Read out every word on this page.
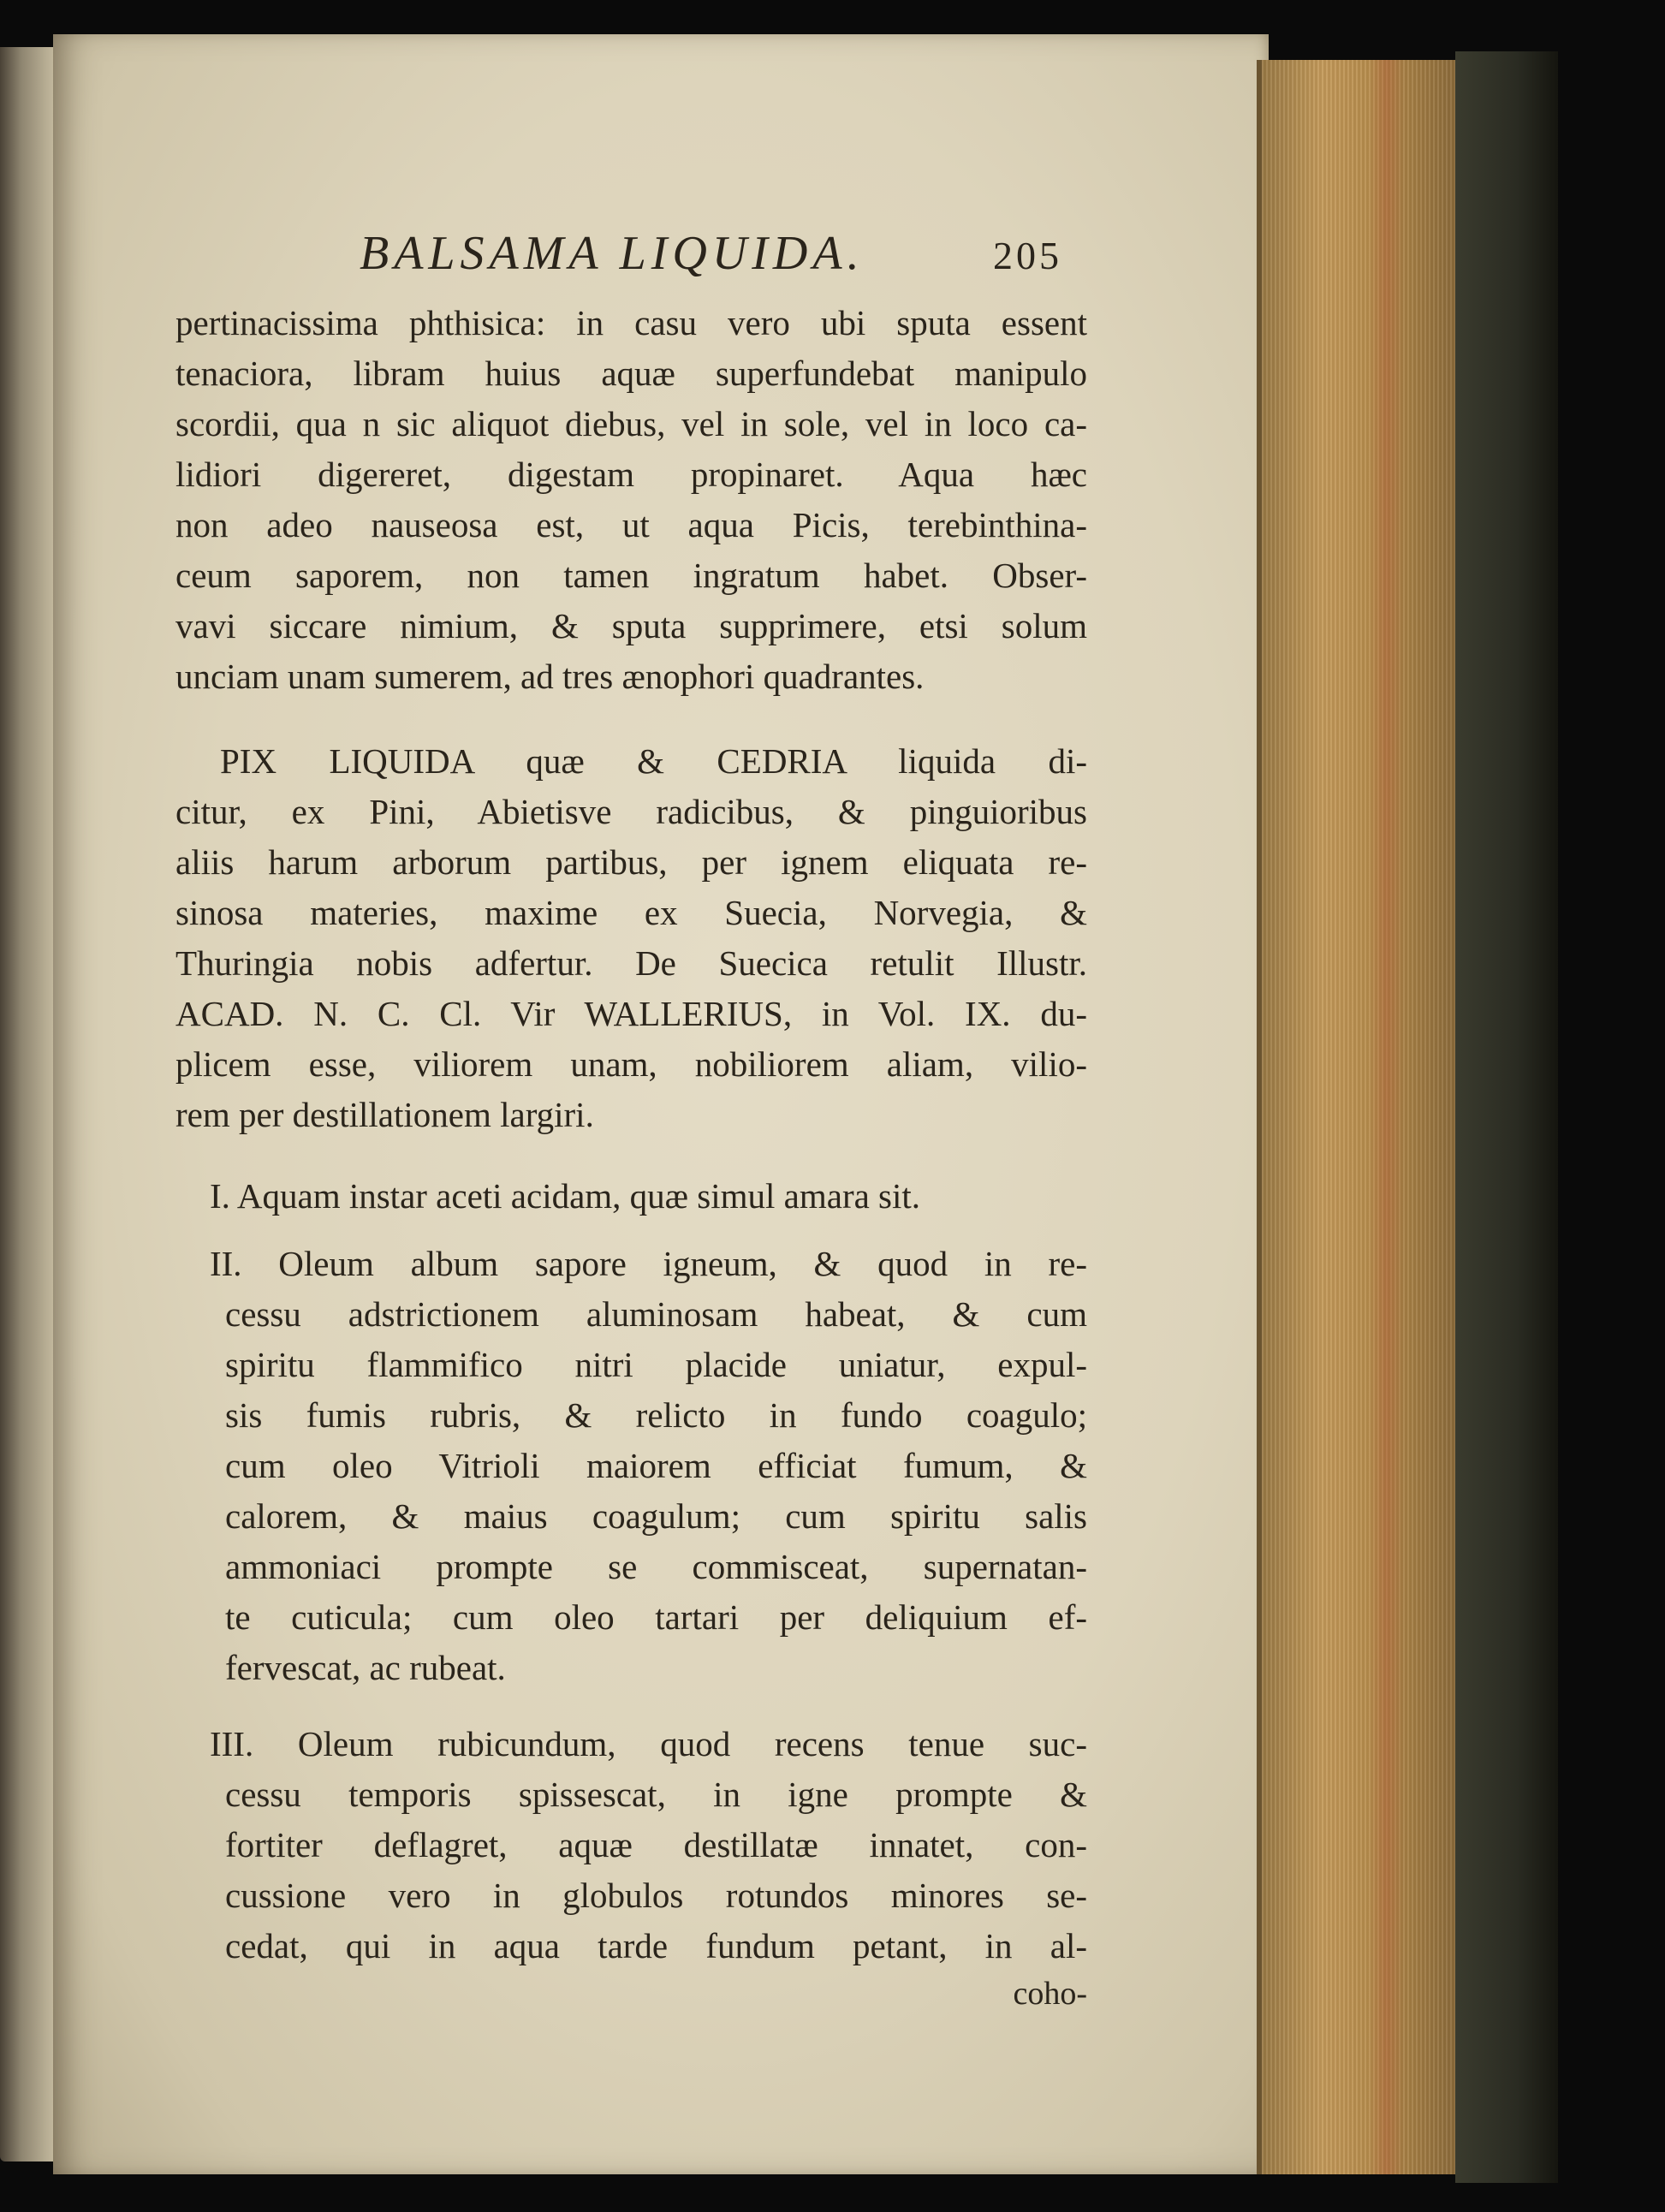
BALSAMA LIQUIDA.	205
pertinacissima phthisica: in casu vero ubi sputa essent
tenaciora, libram huius aquæ superfundebat manipulo
scordii, qua n sic aliquot diebus, vel in sole, vel in loco ca-
lidiori digereret, digestam propinaret. Aqua hæc
non adeo nauseosa est, ut aqua Picis, terebinthina-
ceum saporem, non tamen ingratum habet. Obser-
vavi siccare nimium, & sputa supprimere, etsi solum
unciam unam sumerem, ad tres ænophori quadrantes.
PIX LIQUIDA quæ & CEDRIA liquida di-
citur, ex Pini, Abietisve radicibus, & pinguioribus
aliis harum arborum partibus, per ignem eliquata re-
sinosa materies, maxime ex Suecia, Norvegia, &
Thuringia nobis adfertur. De Suecica retulit Illustr.
ACAD. N. C. Cl. Vir WALLERIUS, in Vol. IX. du-
plicem esse, viliorem unam, nobiliorem aliam, vilio-
rem per destillationem largiri.
I. Aquam instar aceti acidam, quæ simul amara sit.
II. Oleum album sapore igneum, & quod in re-
cessu adstrictionem aluminosam habeat, & cum
spiritu flammifico nitri placide uniatur, expul-
sis fumis rubris, & relicto in fundo coagulo;
cum oleo Vitrioli maiorem efficiat fumum, &
calorem, & maius coagulum; cum spiritu salis
ammoniaci prompte se commisceat, supernatan-
te cuticula; cum oleo tartari per deliquium ef-
fervescat, ac rubeat.
III. Oleum rubicundum, quod recens tenue suc-
cessu temporis spissescat, in igne prompte &
fortiter deflagret, aquæ destillatæ innatet, con-
cussione vero in globulos rotundos minores se-
cedat, qui in aqua tarde fundum petant, in al-
coho-
